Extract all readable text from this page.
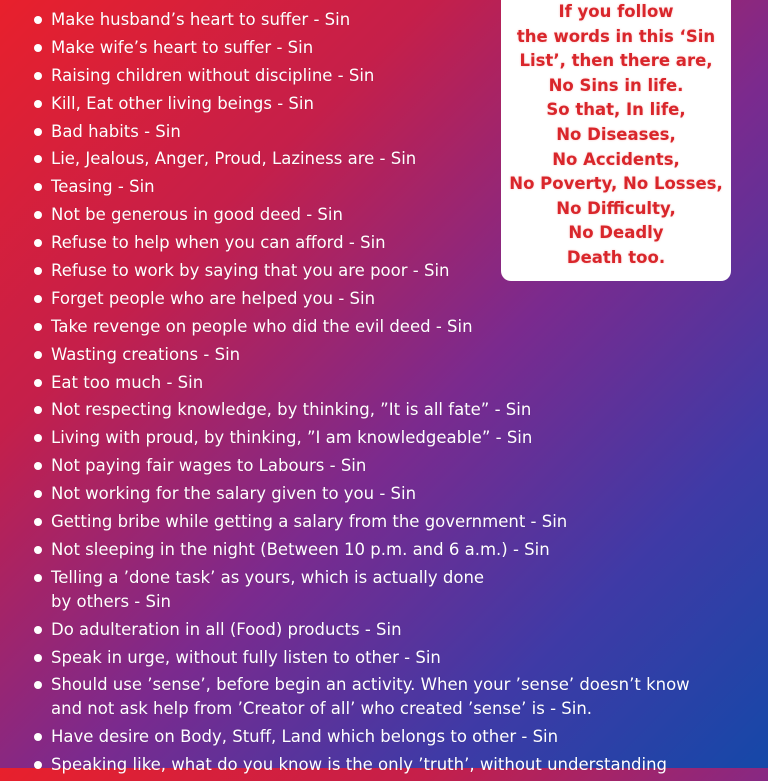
Make husband’s heart to suffer - Sin
Make wife’s heart to suffer - Sin
Raising children without discipline - Sin
Kill, Eat other living beings - Sin
Bad habits - Sin
Lie, Jealous, Anger, Proud, Laziness are - Sin
Teasing - Sin
Not be generous in good deed - Sin
Refuse to help when you can afford - Sin
Refuse to work by saying that you are poor - Sin
Forget people who are helped you - Sin
Take revenge on people who did the evil deed - Sin
Wasting creations - Sin
Eat too much - Sin
Not respecting knowledge, by thinking, ”It is all fate” - Sin
Living with proud, by thinking, ”I am knowledgeable” - Sin
Not paying fair wages to Labours - Sin
Not working for the salary given to you - Sin
Getting bribe while getting a salary from the government - Sin
Not sleeping in the night (Between 10 p.m. and 6 a.m.) - Sin
Telling a ’done task’ as yours, which is actually done by others - Sin
Do adulteration in all (Food) products - Sin
Speak in urge, without fully listen to other - Sin
Should use ’sense’, before begin an activity. When your ’sense’ doesn’t know and not ask help from ’Creator of all’ who created ’sense’ is - Sin.
Have desire on Body, Stuff, Land which belongs to other - Sin
Speaking like, what do you know is the only ’truth’, without understanding
If you follow
the words in this ‘Sin
List’, then there are,
No Sins in life.
So that, In life,
No Diseases,
No Accidents,
No Poverty, No Losses,
No Difficulty,
No Deadly
Death too.
